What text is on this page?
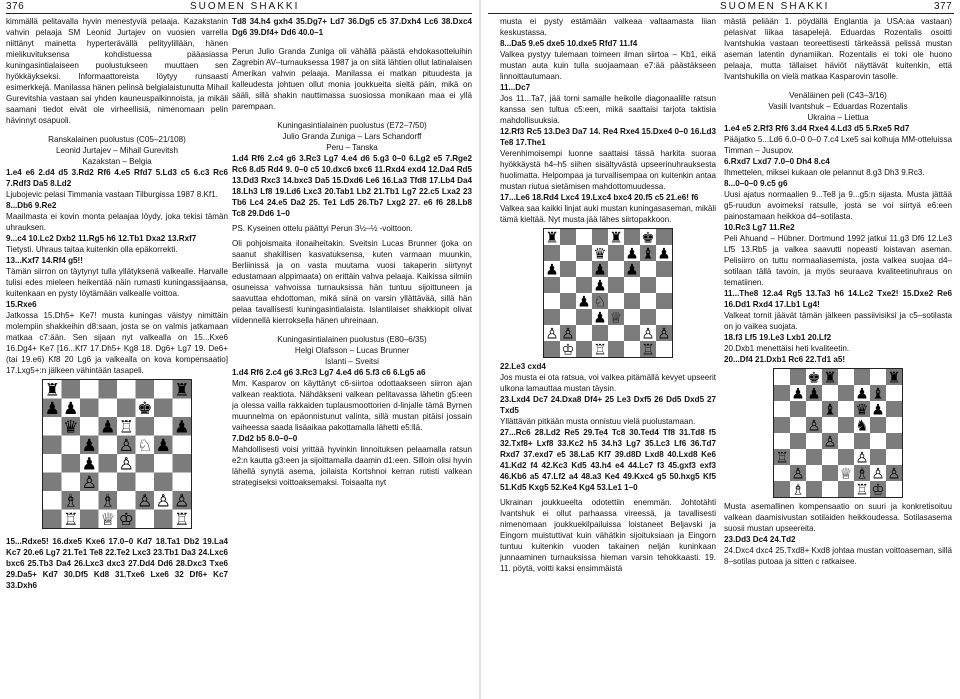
376	SUOMEN SHAKKI

kimmällä pelitavalla hyvin menestyviä pelaaja. Kazakstanin vahvin pelaaja SM Leonid Jurtajev on vuosien varrella niittänyt mainetta hyperterävällä pelityylillään, hänen mielikuvituksensa kohdistuessa pääasiassa kuningasintialaiseen puolustukseen muuttaen sen hyökkäykseksi. Informaattoreista löytyy runsaasti esimerkkejä. Manilassa hänen pelinsä belgialaistunutta Mihail Gurevitshia vastaan sai yhden kauneuspalkinnoista, ja mikäli saamani tiedot eivät ole virheellisiä, nimenomaan pelin hävinnyt osapuoli.

Ranskalainen puolustus (C05–21/108)

Leonid Jurtajev – Mihail Gurevitsh

Kazakstan – Belgia

1.e4 e6 2.d4 d5 3.Rd2 Rf6 4.e5 Rfd7 5.Ld3 c5 6.c3 Rc6 7.Rdf3 Da5 8.Ld2

Ljubojevic pelasi Timmania vastaan Tilburgissa 1987 8.Kf1.

8...Db6 9.Re2

Maailmasta ei kovin monta pelaajaa löydy, joka tekisi tämän uhrauksen.

9...c4 10.Lc2 Dxb2 11.Rg5 h6 12.Tb1 Dxa2 13.Rxf7

Tietysti. Uhraus taitaa kuitenkin olla epäkorrekti.

13...Kxf7 14.Rf4 g5!!

Tämän siirron on täytynyt tulla yllätyksenä valkealle. Harvalle tulisi edes mieleen heikentää näin rumasti kuningassijaansa, kuitenkaan en pysty löytämään valkealle voittoa.

15.Rxe6

Jatkossa 15.Dh5+ Ke7! musta kuningas väistyy nimittäin molempiin shakkeihin d8:saan, josta se on valmis jatkamaan matkaa c7:ään. Sen sijaan nyt valkealla on 15...Kxe6 16.Dg4+ Ke7 [16...Kf7 17.Dh5+ Kg8 18. Dg6+ Lg7 19. De6+ (tai 19.e6) Kf8 20 Lg6 ja valkealla on kova kompensaatio] 17.Lxg5+:n jälkeen vähintään tasapeli.

15...Rdxe5! 16.dxe5 Kxe6 17.0–0 Kd7 18.Ta1 Db2 19.La4 Kc7 20.e6 Lg7 21.Te1 Te8 22.Te2 Lxc3 23.Tb1 Da3 24.Lxc6 bxc6 25.Tb3 Da4 26.Lxc3 dxc3 27.Dd4 Dd6 28.Dxc3 Txe6 29.Da5+ Kd7 30.Df5 Kd8 31.Txe6 Lxe6 32 Df6+ Kc7 33.Dxh6

Td8 34.h4 gxh4 35.Dg7+ Ld7 36.Dg5 c5 37.Dxh4 Lc6 38.Dxc4 Dg6 39.Df4+ Dd6 40.0–1

Perun Julio Granda Zuniga oli vähällä päästä ehdokasotteluihin Zagrebin AV–turnauksessa 1987 ja on siitä lähtien ollut latinalaisen Amerikan vahvin pelaaja. Manilassa ei matkan pituudesta ja kalleudesta johtuen ollut monia joukkueita sieltä päin, mikä on sääli, sillä shakin nauttimassa suosiossa monikaan maa ei yllä parempaan.

Kuningasintialainen puolustus (E72–7/50)

Julio Granda Zuniga – Lars Schandorff

Peru – Tanska

1.d4 Rf6 2.c4 g6 3.Rc3 Lg7 4.e4 d6 5.g3 0–0 6.Lg2 e5 7.Rge2 Rc6 8.d5 Rd4 9. 0–0 c5 10.dxc6 bxc6 11.Rxd4 exd4 12.Da4 Rd5 13.Dd3 Rxc3 14.bxc3 Da5 15.Dxd6 Le6 16.La3 Tfd8 17.Lb4 Da4 18.Lh3 Lf8 19.Ld6 Lxc3 20.Tab1 Lb2 21.Tb1 Lg7 22.c5 Lxa2 23 Tb6 Lc4 24.e5 Da2 25. Te1 Ld5 26.Tb7 Lxg2 27. e6 f6 28.Lb8 Tc8 29.Dd6 1–0

PS. Kyseinen ottelu päättyi Perun 3½–½ -voittoon.

Oli pohjoismaita ilonaiheitakin. Sveitsin Lucas Brunner (joka on saanut shakillisen kasvatuksensa, kuten varmaan muunkin, Berliinissä ja on vasta muutama vuosi takaperin siirtynyt edustamaan alppimaata) on erittäin vahva pelaaja. Kaikissa silmiin osuneissa vahvoissa turnauksissa hän tuntuu sijoittuneen ja saavuttaa ehdottoman, mikä siinä on varsin yllättävää, sillä hän pelaa tavallisesti kuningasintialaista. Islantilaiset shakkiopit olivat viidennellä kierroksella hänen uhreinaan.

Kuningasintialainen puolustus (E80–6/35)

Helgi Olafsson – Lucas Brunner

Islanti – Sveitsi

1.d4 Rf6 2.c4 g6 3.Rc3 Lg7 4.e4 d6 5.f3 c6 6.Lg5 a6

Mm. Kasparov on käyttänyt c6-siirtoa odottaakseen siirron ajan valkean reaktiota. Nähdäkseni valkean pelitavassa lähetin g5:een ja olessa vailla rakkaiden tuplausmoottorien d-linjalle tämä Byrnen muunnelma on epäonnistunut valinta, sillä mustan pitäisi jossain vaiheessa saada lisäaikaa pakottamalla lähetti e5:llä.

7.Dd2 b5 8.0–0–0

Mahdollisesti voisi yrittää hyvinkin linnoituksen pelaamalla ratsun e2:n kautta g3:een ja sijoittamalla daamin d1:een. Silloin olisi hyvin lähellä synytä asema, joilaista Kortshnoi kerran rutisti valkean strategiseksi voittoaksemaksi. Toisaalta nyt

SUOMEN SHAKKI	377

musta ei pysty estämään valkeaa valtaamasta liian keskustassa.

8...Da5 9.e5 dxe5 10.dxe5 Rfd7 11.f4

Valkea pystyy tulemaan toimeen ilman siirtoa – Kb1, eikä mustan auta kuin tulla suojaamaan e7:ää päästäkseen linnoittautumaan.

11...Dc7

Jos 11...Ta7, jää torni samalle heikolle diagonaalille ratsun kanssa sen tultua c5:een, mikä saattaisi tarjota taktisia mahdollisuuksia.

12.Rf3 Rc5 13.De3 Da7 14. Re4 Rxe4 15.Dxe4 0–0 16.Ld3 Te8 17.The1

Verenhimoisempi luonne saattaisi tässä harkita suoraa hyökkäystä h4–h5 siihen sisältyvästä upseerinuhrauksesta huolimatta. Helpompaa ja turvallisempaa on kuitenkin antaa mustan riutua sietämisen mahdottomuudessa.

17...Le6 18.Rd4 Lxc4 19.Lxc4 bxc4 20.f5 c5 21.e6! f6

Valkea saa kaikki linjat auki mustan kuningasaseman, mikäli tämä kieltää. Nyt musta jää lähes siirtopakkoon.

22.Le3 cxd4

Jos musta ei ota ratsua, voi valkea pitämällä kevyet upseerit ulkona lamauttaa mustan täysin.

23.Lxd4 Dc7 24.Dxa8 Df4+ 25 Le3 Dxf5 26 Dd5 Dxd5 27 Txd5

Yllättävän pitkään musta onnistuu vielä puolustamaan.

27...Rc6 28.Ld2 Re5 29.Te4 Tc8 30.Ted4 Tf8 31.Td8 f5 32.Txf8+ Lxf8 33.Kc2 h5 34.h3 Lg7 35.Lc3 Lf6 36.Td7 Rxd7 37.exd7 e5 38.La5 Kf7 39.d8D Lxd8 40.Lxd8 Ke6 41.Kd2 f4 42.Kc3 Kd5 43.h4 e4 44.Lc7 f3 45.gxf3 exf3 46.Kb6 a5 47.Lf2 a4 48.a3 Ke4 49.Kxc4 g5 50.hxg5 Kf5 51.Kd5 Kxg5 52.Ke4 Kg4 53.Le1 1–0

Ukrainan joukkueelta odotettiin enemmän. Johtotähti Ivantshuk ei ollut parhaassa vireessä, ja tavallisesti nimenomaan joukkuekilpailuissa loistaneet Beljavski ja Eingorn muistuttivat kuin vähätkin sijoituksiaan ja Eingorn tuntuu kuitenkin vuoden takainen nelján kuninkaan junnaaminen turnauksissa hieman varsin tehokkaasti. 19. 11. pöytä, voitti kaksi ensimmäistä

mästä peliään 1. pöydällä Englantia ja USA:aa vastaan) pelasivat liikaa tasapelejä. Eduardas Rozentalis osoitti Ivantshukia vastaan teoreettisesti tärkeässä pelissä mustan aseman latentin dynamiikan. Rozentalis ei toki ole huono pelaaja, mutta tällaiset häviöt näyttävät kuitenkin, että Ivantshukilla on vielä matkaa Kasparovin tasolle.

Venäläinen peli (C43–3/16)

Vasili Ivantshuk – Eduardas Rozentalis

Ukraina – Liettua

1.e4 e5 2.Rf3 Rf6 3.d4 Rxe4 4.Ld3 d5 5.Rxe5 Rd7

Pääjatko 5...Ld6 6.0–0 0–0 7.c4 Lxe5 sai kolhuja MM-otteluissa Timman – Jusupov.

6.Rxd7 Lxd7 7.0–0 Dh4 8.c4

Ihmettelen, miksei kukaan ole pelannut 8.g3 Dh3 9.Rc3.

8...0–0–0 9.c5 g6

Uusi ajatus normaalien 9...Te8 ja 9...g5:n sijasta. Musta jättää g5-ruudun avoimeksi ratsulle, josta se voi siirtyä e6:een painostamaan heikkoa d4–sotilasta.

10.Rc3 Lg7 11.Re2

Peli Ahuand – Hübner. Dortmund 1992 jatkui 11.g3 Df6 12.Le3 Lf5 13.Rb5 ja valkea saavutti nopeasti loistavan aseman. Pelisiirro on tuttu normaaliasemista, josta valkea suojaa d4–sotilaan tällä tavoin, ja myös seuraava kvaliteetinuhraus on tematiinen.

11...The8 12.a4 Rg5 13.Ta3 h6 14.Lc2 Txe2! 15.Dxe2 Re6 16.Dd1 Rxd4 17.Lb1 Lg4!

Valkeat tornit jäävät tämän jälkeen passiivisiksi ja c5–sotilasta on jo vaikea suojata.

18.f3 Lf5 19.Le3 Lxb1 20.Lf2

20.Dxb1 menettäisi heti kvaliteetin.

20...Df4 21.Dxb1 Rc6 22.Td1 a5!

Musta asemallinen kompensaatio on suuri ja konkretisoituu valkean daamisivustan sotilaiden heikkoudessa. Sotilasasema suosii mustan upseereita.

23.Dd3 Dc4 24.Td2

24.Dxc4 dxc4 25.Txd8+ Kxd8 johtaa mustan voittoaseman, sillä 8–sotilas putoaa ja sitten c ratkaisee.
